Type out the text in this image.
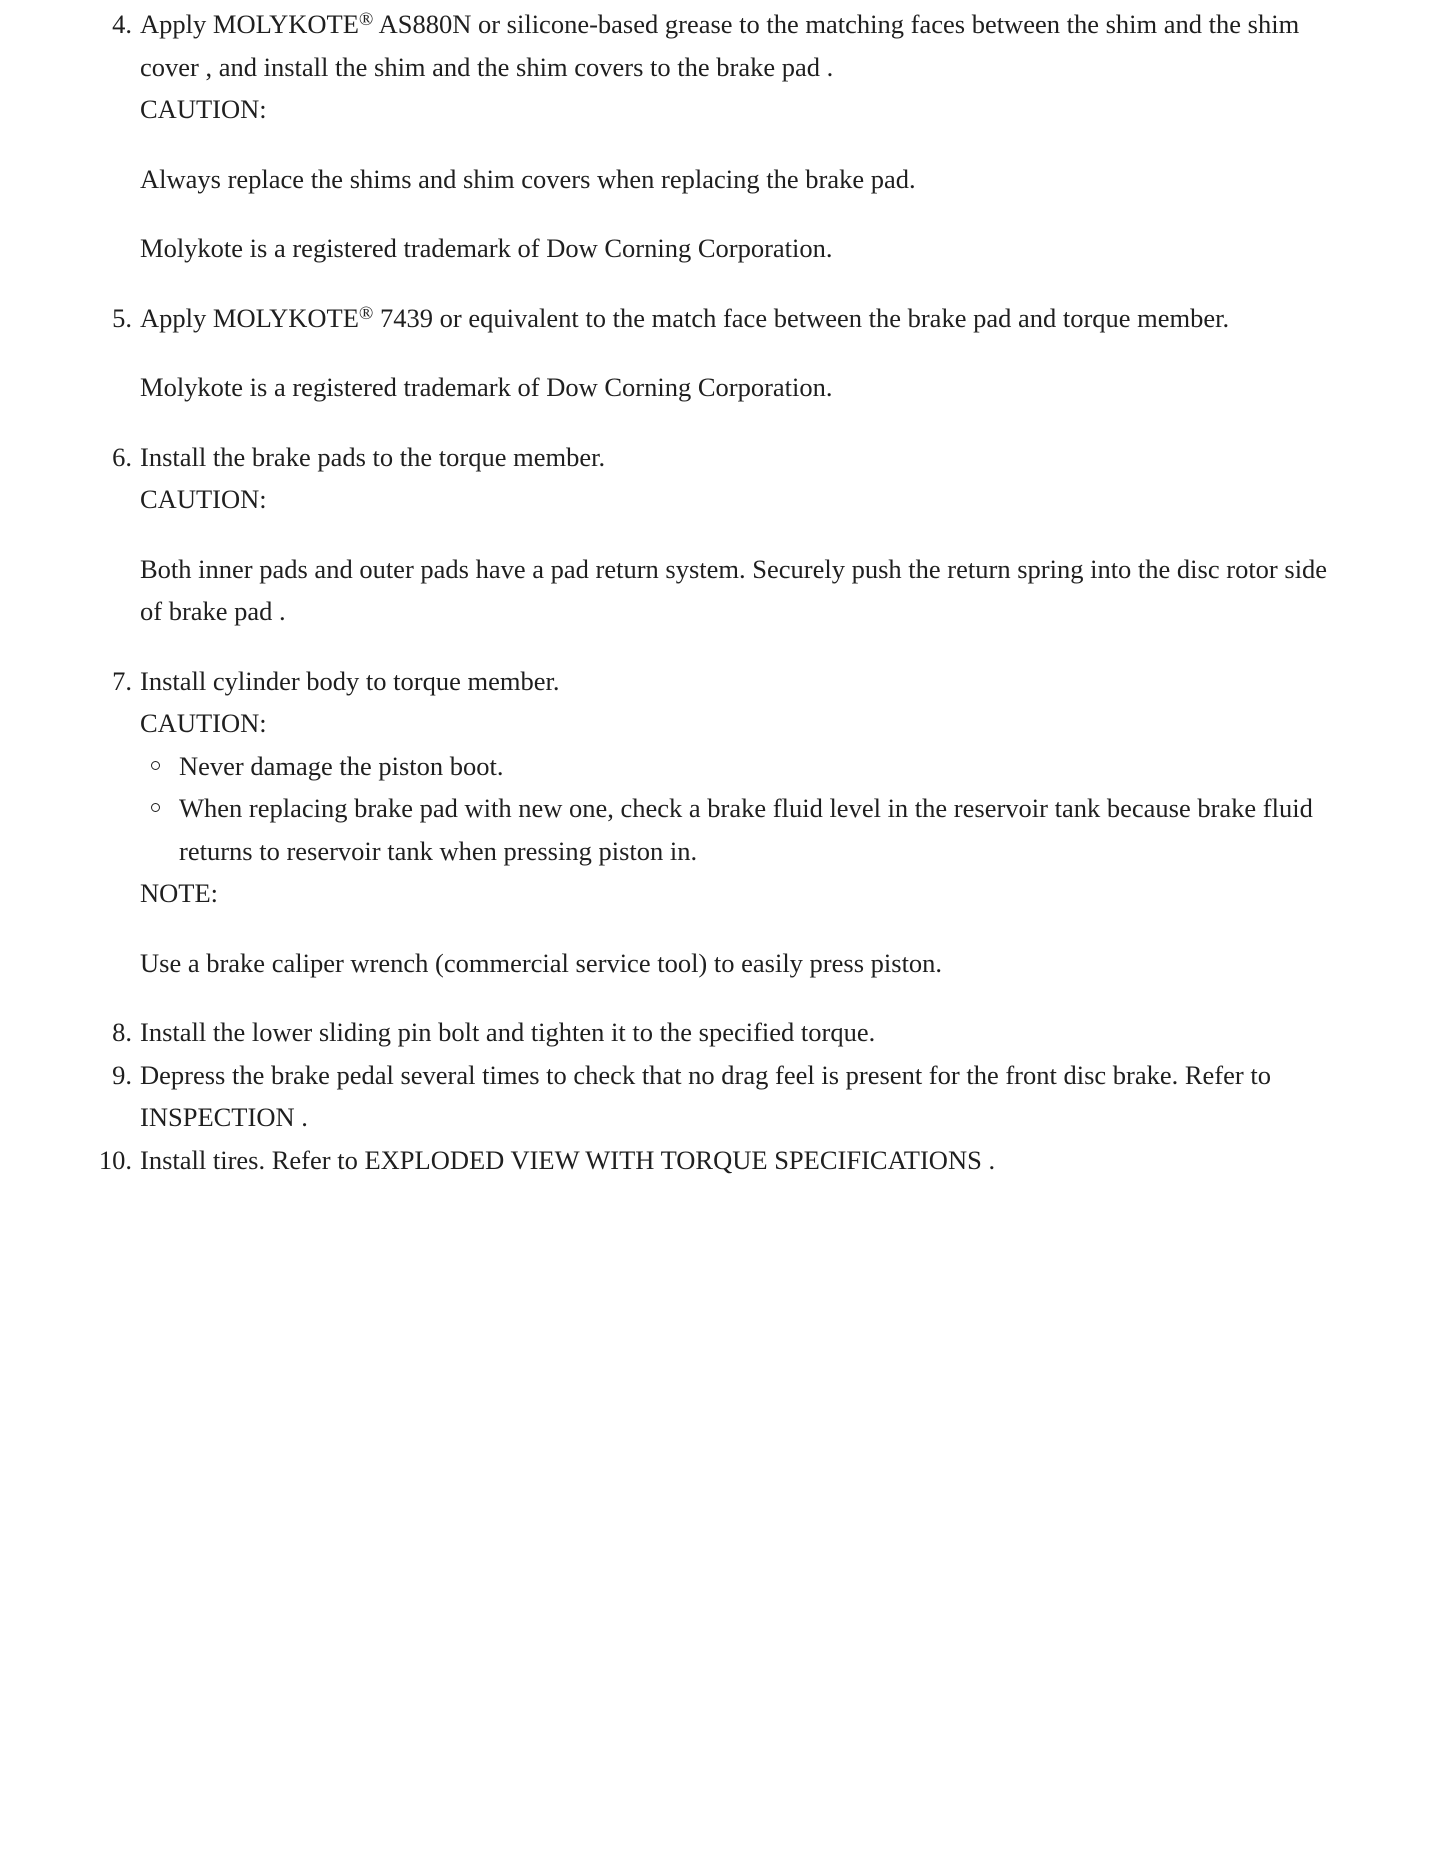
4. Apply MOLYKOTE® AS880N or silicone-based grease to the matching faces between the shim and the shim cover , and install the shim and the shim covers to the brake pad .
CAUTION:
Always replace the shims and shim covers when replacing the brake pad.
Molykote is a registered trademark of Dow Corning Corporation.
5. Apply MOLYKOTE® 7439 or equivalent to the match face between the brake pad and torque member.
Molykote is a registered trademark of Dow Corning Corporation.
6. Install the brake pads to the torque member.
CAUTION:
Both inner pads and outer pads have a pad return system. Securely push the return spring into the disc rotor side of brake pad .
7. Install cylinder body to torque member.
CAUTION:
Never damage the piston boot.
When replacing brake pad with new one, check a brake fluid level in the reservoir tank because brake fluid returns to reservoir tank when pressing piston in.
NOTE:
Use a brake caliper wrench (commercial service tool) to easily press piston.
8. Install the lower sliding pin bolt and tighten it to the specified torque.
9. Depress the brake pedal several times to check that no drag feel is present for the front disc brake. Refer to INSPECTION .
10. Install tires. Refer to EXPLODED VIEW WITH TORQUE SPECIFICATIONS .
